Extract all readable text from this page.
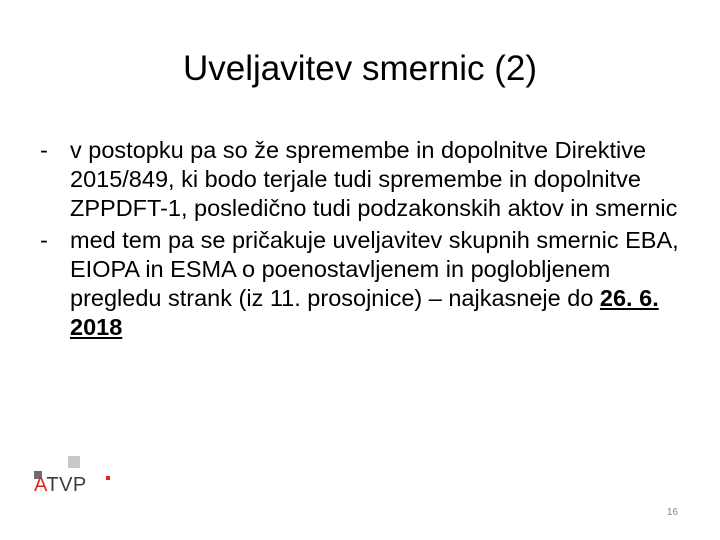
Uveljavitev smernic (2)
- v postopku pa so že spremembe in dopolnitve Direktive 2015/849, ki bodo terjale tudi spremembe in dopolnitve ZPPDFT-1, posledično tudi podzakonskih aktov in smernic
- med tem pa se pričakuje uveljavitev skupnih smernic EBA, EIOPA in ESMA o poenostavljenem in poglobljenem pregledu strank (iz 11. prosojnice) – najkasneje do 26. 6. 2018
ATVP
16
